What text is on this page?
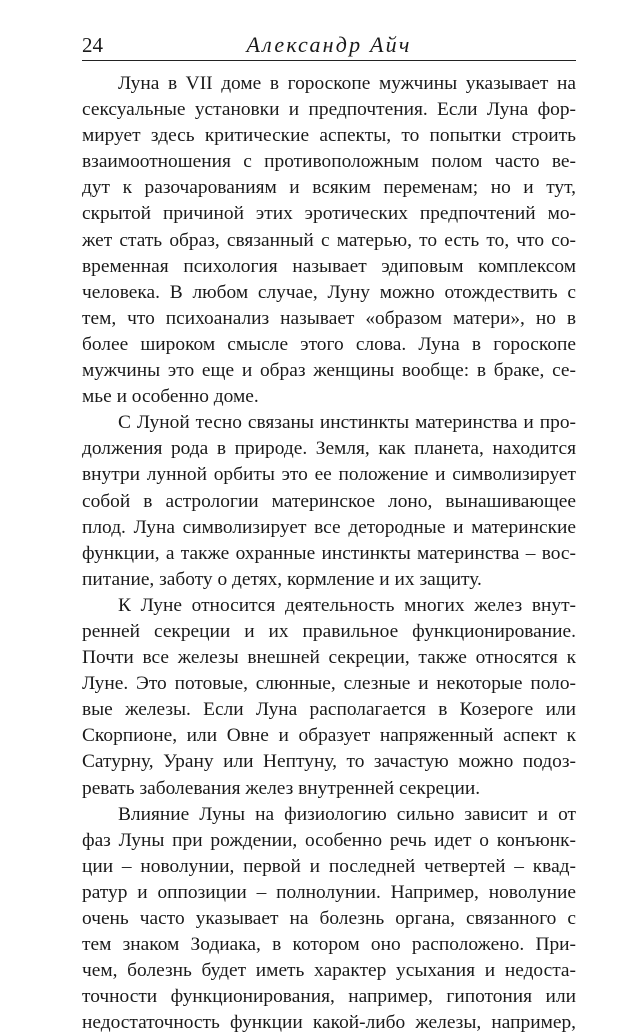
24	Александр Айч

Луна в VII доме в гороскопе мужчины указывает на
сексуальные установки и предпочтения. Если Луна фор-
мирует здесь критические аспекты, то попытки строить
взаимоотношения с противоположным полом часто ве-
дут к разочарованиям и всяким переменам; но и тут,
скрытой причиной этих эротических предпочтений мо-
жет стать образ, связанный с матерью, то есть то, что со-
временная психология называет эдиповым комплексом
человека. В любом случае, Луну можно отождествить с
тем, что психоанализ называет «образом матери», но в
более широком смысле этого слова. Луна в гороскопе
мужчины это еще и образ женщины вообще: в браке, се-
мье и особенно доме.

С Луной тесно связаны инстинкты материнства и про-
должения рода в природе. Земля, как планета, находится
внутри лунной орбиты это ее положение и символизирует
собой в астрологии материнское лоно, вынашивающее
плод. Луна символизирует все детородные и материнские
функции, а также охранные инстинкты материнства – вос-
питание, заботу о детях, кормление и их защиту.

К Луне относится деятельность многих желез внут-
ренней секреции и их правильное функционирование.
Почти все железы внешней секреции, также относятся к
Луне. Это потовые, слюнные, слезные и некоторые поло-
вые железы. Если Луна располагается в Козероге или
Скорпионе, или Овне и образует напряженный аспект к
Сатурну, Урану или Нептуну, то зачастую можно подоз-
ревать заболевания желез внутренней секреции.

Влияние Луны на физиологию сильно зависит и от
фаз Луны при рождении, особенно речь идет о конъюнк-
ции – новолунии, первой и последней четвертей – квад-
ратур и оппозиции – полнолунии. Например, новолуние
очень часто указывает на болезнь органа, связанного с
тем знаком Зодиака, в котором оно расположено. При-
чем, болезнь будет иметь характер усыхания и недоста-
точности функционирования, например, гипотония или
недостаточность функции какой-либо железы, например,
